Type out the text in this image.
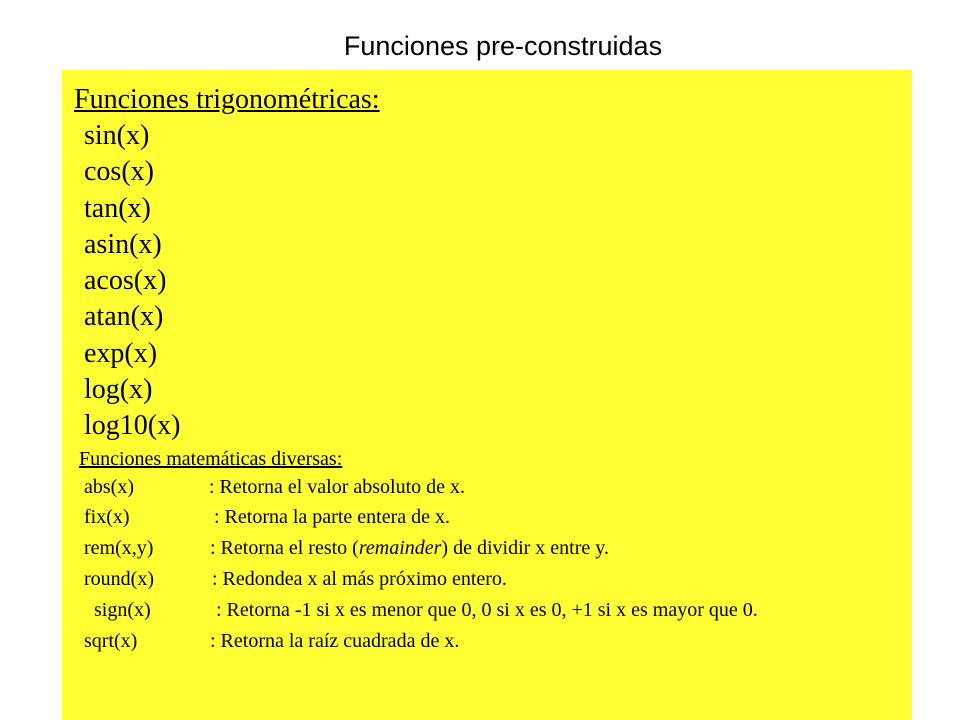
Funciones pre-construidas
Funciones trigonométricas:
sin(x)
cos(x)
tan(x)
asin(x)
acos(x)
atan(x)
exp(x)
log(x)
log10(x)
Funciones matemáticas diversas:
abs(x)	: Retorna el valor absoluto de x.
fix(x)	: Retorna la parte entera de x.
rem(x,y)	: Retorna el resto (remainder) de dividir x entre y.
round(x)	: Redondea x al más próximo entero.
sign(x)	: Retorna -1 si x es menor que 0, 0 si x es 0, +1 si x es mayor que 0.
sqrt(x)	: Retorna la raíz cuadrada de x.
